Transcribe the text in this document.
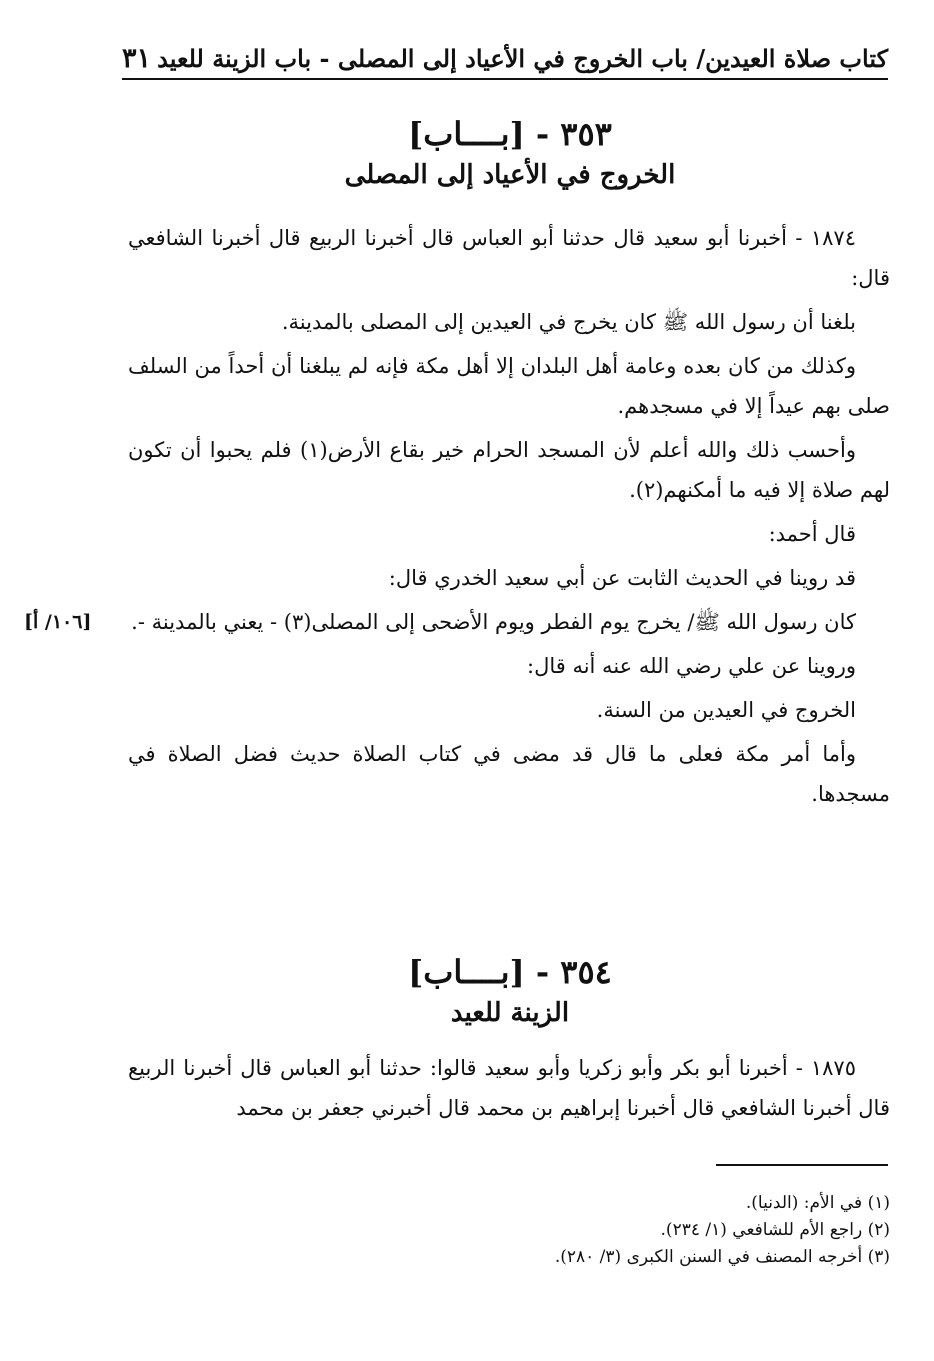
كتاب صلاة العيدين/ باب الخروج في الأعياد إلى المصلى - باب الزينة للعيد
٣١
٣٥٣ - [بــــاب]
الخروج في الأعياد إلى المصلى

١٨٧٤ - أخبرنا أبو سعيد قال حدثنا أبو العباس قال أخبرنا الربيع قال أخبرنا الشافعي قال:

بلغنا أن رسول الله ﷺ كان يخرج في العيدين إلى المصلى بالمدينة.

وكذلك من كان بعده وعامة أهل البلدان إلا أهل مكة فإنه لم يبلغنا أن أحداً من السلف صلى بهم عيداً إلا في مسجدهم.

وأحسب ذلك والله أعلم لأن المسجد الحرام خير بقاع الأرض(١) فلم يحبوا أن تكون لهم صلاة إلا فيه ما أمكنهم(٢).

قال أحمد:

قد روينا في الحديث الثابت عن أبي سعيد الخدري قال:

كان رسول الله ﷺ/ يخرج يوم الفطر ويوم الأضحى إلى المصلى(٣) - يعني بالمدينة -.
[١٠٦/ أ]

وروينا عن علي رضي الله عنه أنه قال:

الخروج في العيدين من السنة.

وأما أمر مكة فعلى ما قال قد مضى في كتاب الصلاة حديث فضل الصلاة في مسجدها.

٣٥٤ - [بــــاب]
الزينة للعيد

١٨٧٥ - أخبرنا أبو بكر وأبو زكريا وأبو سعيد قالوا: حدثنا أبو العباس قال أخبرنا الربيع قال أخبرنا الشافعي قال أخبرنا إبراهيم بن محمد قال أخبرني جعفر بن محمد

(١) في الأم: (الدنيا).
(٢) راجع الأم للشافعي (١/ ٢٣٤).
(٣) أخرجه المصنف في السنن الكبرى (٣/ ٢٨٠).
